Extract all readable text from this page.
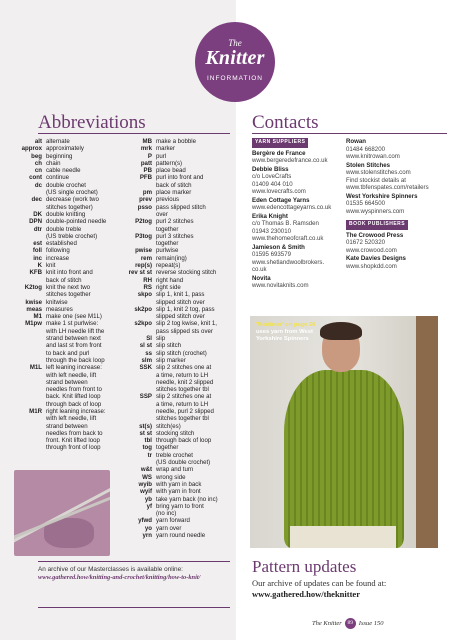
The
Knitter
INFORMATION
Abbreviations
alt alternate
approx approximately
beg beginning
ch chain
cn cable needle
cont continue
dc double crochet
(US single crochet)
dec decrease (work two
stitches together)
DK double knitting
DPN double-pointed needle
dtr double treble
(US treble crochet)
est established
foll following
inc increase
K knit
KFB knit into front and
back of stitch
K2tog knit the next two
stitches together
kwise knitwise
meas measures
M1 make one (see M1L)
M1pw make 1 st purlwise:
with LH needle lift the
strand between next
and last st from front
to back and purl
through the back loop
M1L left leaning increase:
with left needle, lift
strand between
needles from front to
back. Knit lifted loop
through back of loop
M1R right leaning increase:
with left needle, lift
strand between
needles from back to
front. Knit lifted loop
through front of loop
MB make a bobble
mrk marker
P purl
patt pattern(s)
PB place bead
PFB purl into front and
back of stitch
pm place marker
prev previous
psso pass slipped stitch
over
P2tog purl 2 stitches
together
P3tog purl 3 stitches
together
pwise purlwise
rem remain(ing)
rep(s) repeat(s)
rev st st reverse stocking stitch
RH right hand
RS right side
skpo slip 1, knit 1, pass
slipped stitch over
sk2po slip 1, knit 2 tog, pass
slipped stitch over
s2kpo slip 2 tog kwise, knit 1,
pass slipped sts over
Sl slip
sl st slip stitch
ss slip stitch (crochet)
slm slip marker
SSK slip 2 stitches one at
a time, return to LH
needle, knit 2 slipped
stitches together tbl
SSP slip 2 stitches one at
a time, return to LH
needle, purl 2 slipped
stitches together tbl
st(s) stitch(es)
st st stocking stitch
tbl through back of loop
tog together
tr treble crochet
(US double crochet)
w&t wrap and turn
WS wrong side
wyib with yarn in back
wyif with yarn in front
yb take yarn back (no inc)
yf bring yarn to front
(no inc)
yfwd yarn forward
yo yarn over
yrn yarn round needle
An archive of our Masterclasses is available online:
www.gathered.how/knitting-and-crochet/knitting/how-to-knit/
Contacts
YARN SUPPLIERS
Bergère de France
www.bergeredefrance.co.uk
Debbie Bliss
c/o LoveCrafts
01409 404 010
www.lovecrafts.com
Eden Cottage Yarns
www.edencottageyarns.co.uk
Erika Knight
c/o Thomas B. Ramsden
01943 230010
www.thehomeofcraft.co.uk
Jamieson & Smith
01595 693579
www.shetlandwoolbrokers.
co.uk
Novita
www.novitaknits.com
Rowan
01484 668200
www.knitrowan.com
Stolen Stitches
www.stolenstitches.com
Find stockist details at
www.tbfenspates.com/retailers
West Yorkshire Spinners
01535 664500
www.wyspinners.com
BOOK PUBLISHERS
The Crowood Press
01672 520320
www.crowood.com
Kate Davies Designs
www.shopkdd.com
'Mortimer' on page 26 uses yarn from West Yorkshire Spinners
Pattern updates
Our archive of updates can be found at:
www.gathered.how/theknitter
The Knitter	89 Issue 150
